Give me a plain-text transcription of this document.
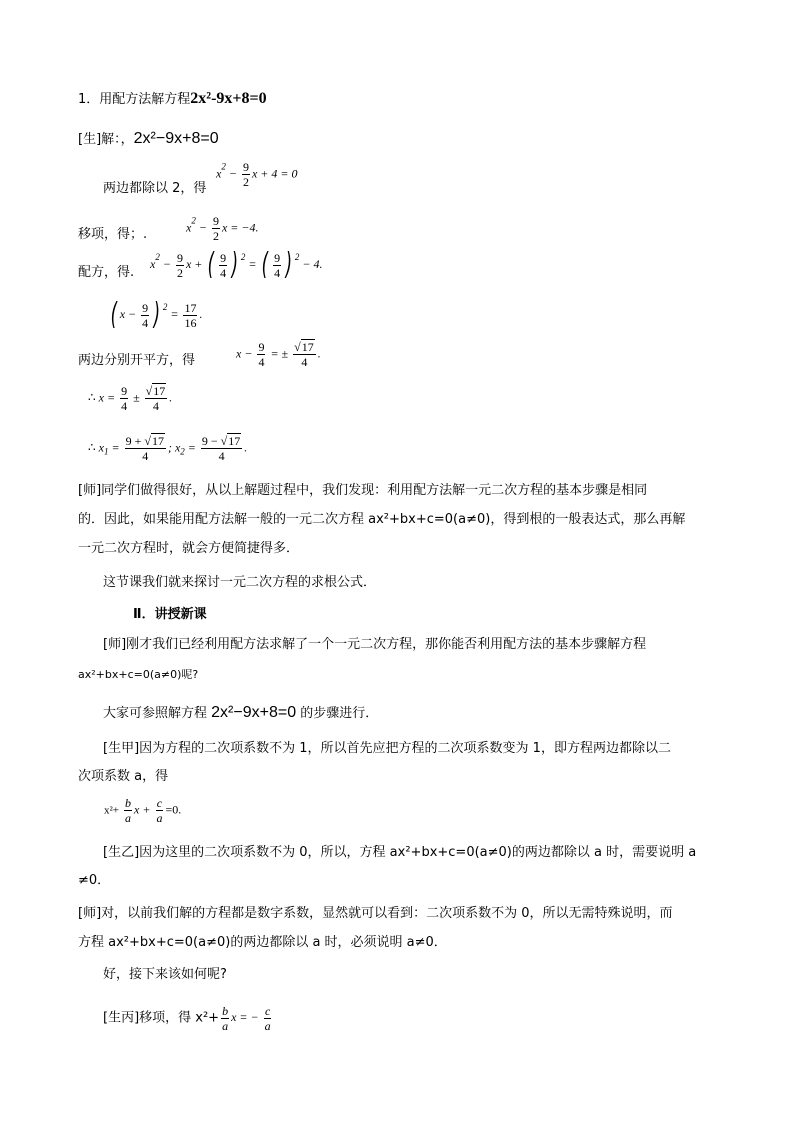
1．用配方法解方程2x²-9x+8=0
[生]解：，2x²−9x+8=0
两边都除以 2，得
$x^2 - \frac{9}{2}$ x + 4 = 0
移项，得；.	$x^2 - \frac{9}{2}$ x = −4.
配方，得.
$x^2 - \frac{9}{2}$ x + ( $\frac{9}{4}$ ) $^2$ = ( $\frac{9}{4}$ ) $^2$ − 4.
( $x - \frac{9}{4}$ ) $^2 = \frac{17}{16}$ .
两边分别开平方，得	$x - \frac{9}{4}$ = ± $\frac{√17}{4}$ .
∴ $x = \frac{9}{4} \pm \frac{√17}{4}$ .
∴ $x_1 = \frac{9 + √17}{4}$ ; $x_2 = \frac{9 - √17}{4}$ .
[师]同学们做得很好，从以上解题过程中，我们发现：利用配方法解一元二次方程的基本步骤是相同
的．因此，如果能用配方法解一般的一元二次方程 ax²+bx+c=0(a≠0)，得到根的一般表达式，那么再解
一元二次方程时，就会方便简捷得多．
这节课我们就来探讨一元二次方程的求根公式．
Ⅱ．讲授新课
[师]刚才我们已经利用配方法求解了一个一元二次方程，那你能否利用配方法的基本步骤解方程
ax²+bx+c=0(a≠0)呢?
大家可参照解方程 2x²−9x+8=0 的步骤进行．
[生甲]因为方程的二次项系数不为 1，所以首先应把方程的二次项系数变为 1，即方程两边都除以二
次项系数 a，得
$x^2+ \frac{b}{a}$ $x + \frac{c}{a} =0$.
[生乙]因为这里的二次项系数不为 0，所以，方程 ax²+bx+c=0(a≠0)的两边都除以 a 时，需要说明 a
≠0．
[师]对，以前我们解的方程都是数字系数，显然就可以看到：二次项系数不为 0，所以无需特殊说明，而
方程 ax²+bx+c=0(a≠0)的两边都除以 a 时，必须说明 a≠0．
好，接下来该如何呢?
[生丙]移项，得 $x^2+ \frac{b}{a}$ x = − $\frac{c}{a}$
